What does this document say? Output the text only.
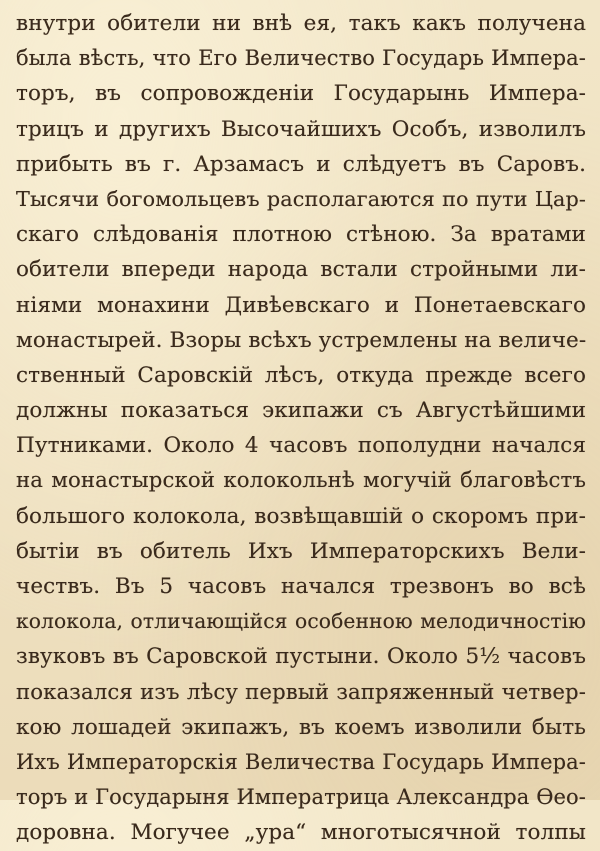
внутри обители ни внѣ ея, такъ какъ получена
была вѣсть, что Его Величество Государь Импера-
торъ, въ сопровожденіи Государынь Импера-
трицъ и другихъ Высочайшихъ Особъ, изволилъ
прибыть въ г. Арзамасъ и слѣдуетъ въ Саровъ.
Тысячи богомольцевъ располагаются по пути Цар-
скаго слѣдованія плотною стѣною. За вратами
обители впереди народа встали стройными ли-
ніями монахини Дивѣевскаго и Понетаевскаго
монастырей. Взоры всѣхъ устремлены на величе-
ственный Саровскій лѣсъ, откуда прежде всего
должны показаться экипажи съ Августѣйшими
Путниками. Около 4 часовъ пополудни начался
на монастырской колокольнѣ могучій благовѣстъ
большого колокола, возвѣщавшій о скоромъ при-
бытіи въ обитель Ихъ Императорскихъ Вели-
чествъ. Въ 5 часовъ начался трезвонъ во всѣ
колокола, отличающійся особенною мелодичностію
звуковъ въ Саровской пустыни. Около 5½ часовъ
показался изъ лѣсу первый запряженный четвер-
кою лошадей экипажъ, въ коемъ изволили быть
Ихъ Императорскія Величества Государь Импера-
торъ и Государыня Императрица Александра Ѳео-
доровна. Могучее „ура“ многотысячной толпы
